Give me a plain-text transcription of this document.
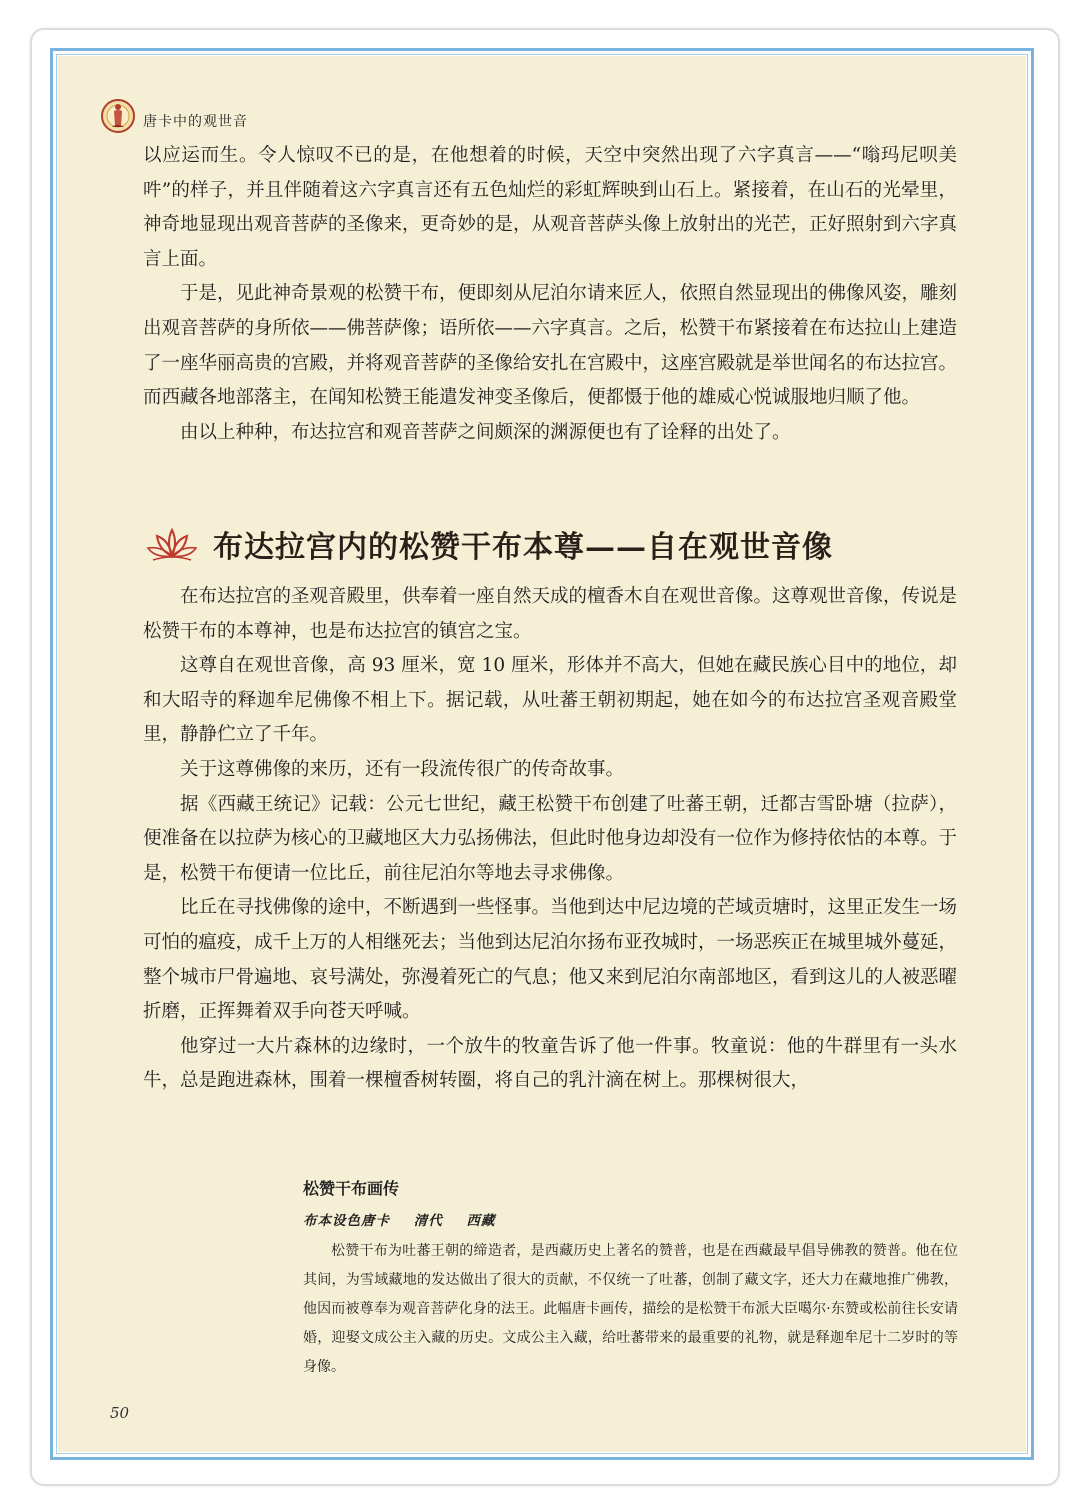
唐卡中的观世音

以应运而生。令人惊叹不已的是，在他想着的时候，天空中突然出现了六字真言——“嗡玛尼呗美吽”的样子，并且伴随着这六字真言还有五色灿烂的彩虹辉映到山石上。紧接着，在山石的光晕里，神奇地显现出观音菩萨的圣像来，更奇妙的是，从观音菩萨头像上放射出的光芒，正好照射到六字真言上面。

于是，见此神奇景观的松赞干布，便即刻从尼泊尔请来匠人，依照自然显现出的佛像风姿，雕刻出观音菩萨的身所依——佛菩萨像；语所依——六字真言。之后，松赞干布紧接着在布达拉山上建造了一座华丽高贵的宫殿，并将观音菩萨的圣像给安扎在宫殿中，这座宫殿就是举世闻名的布达拉宫。而西藏各地部落主，在闻知松赞王能遣发神变圣像后，便都慑于他的雄威心悦诚服地归顺了他。

由以上种种，布达拉宫和观音菩萨之间颇深的渊源便也有了诠释的出处了。

布达拉宫内的松赞干布本尊——自在观世音像

在布达拉宫的圣观音殿里，供奉着一座自然天成的檀香木自在观世音像。这尊观世音像，传说是松赞干布的本尊神，也是布达拉宫的镇宫之宝。

这尊自在观世音像，高 93 厘米，宽 10 厘米，形体并不高大，但她在藏民族心目中的地位，却和大昭寺的释迦牟尼佛像不相上下。据记载，从吐蕃王朝初期起，她在如今的布达拉宫圣观音殿堂里，静静伫立了千年。

关于这尊佛像的来历，还有一段流传很广的传奇故事。

据《西藏王统记》记载：公元七世纪，藏王松赞干布创建了吐蕃王朝，迁都吉雪卧塘（拉萨），便准备在以拉萨为核心的卫藏地区大力弘扬佛法，但此时他身边却没有一位作为修持依怙的本尊。于是，松赞干布便请一位比丘，前往尼泊尔等地去寻求佛像。

比丘在寻找佛像的途中，不断遇到一些怪事。当他到达中尼边境的芒域贡塘时，这里正发生一场可怕的瘟疫，成千上万的人相继死去；当他到达尼泊尔扬布亚孜城时，一场恶疾正在城里城外蔓延，整个城市尸骨遍地、哀号满处，弥漫着死亡的气息；他又来到尼泊尔南部地区，看到这儿的人被恶曜折磨，正挥舞着双手向苍天呼喊。

他穿过一大片森林的边缘时，一个放牛的牧童告诉了他一件事。牧童说：他的牛群里有一头水牛，总是跑进森林，围着一棵檀香树转圈，将自己的乳汁滴在树上。那棵树很大，

松赞干布画传
布本设色唐卡 清代 西藏
松赞干布为吐蕃王朝的缔造者，是西藏历史上著名的赞普，也是在西藏最早倡导佛教的赞普。他在位其间，为雪域藏地的发达做出了很大的贡献，不仅统一了吐蕃，创制了藏文字，还大力在藏地推广佛教，他因而被尊奉为观音菩萨化身的法王。此幅唐卡画传，描绘的是松赞干布派大臣噶尔·东赞或松前往长安请婚，迎娶文成公主入藏的历史。文成公主入藏，给吐蕃带来的最重要的礼物，就是释迦牟尼十二岁时的等身像。
50
